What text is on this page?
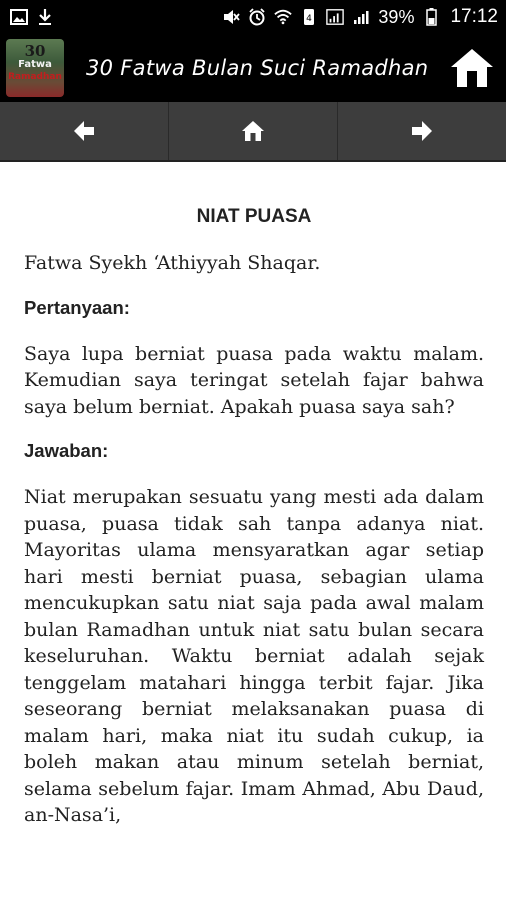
4	39% 17:12
30
Fatwa
Ramadhan	30 Fatwa Bulan Suci Ramadhan
NIAT PUASA

Fatwa Syekh ‘Athiyyah Shaqar.

Pertanyaan:

Saya lupa berniat puasa pada waktu malam. Kemudian saya teringat setelah fajar bahwa saya belum berniat. Apakah puasa saya sah?

Jawaban:

Niat merupakan sesuatu yang mesti ada dalam puasa, puasa tidak sah tanpa adanya niat. Mayoritas ulama mensyaratkan agar setiap hari mesti berniat puasa, sebagian ulama mencukupkan satu niat saja pada awal malam bulan Ramadhan untuk niat satu bulan secara keseluruhan. Waktu berniat adalah sejak tenggelam matahari hingga terbit fajar. Jika seseorang berniat melaksanakan puasa di malam hari, maka niat itu sudah cukup, ia boleh makan atau minum setelah berniat, selama sebelum fajar. Imam Ahmad, Abu Daud, an-Nasa’i,
